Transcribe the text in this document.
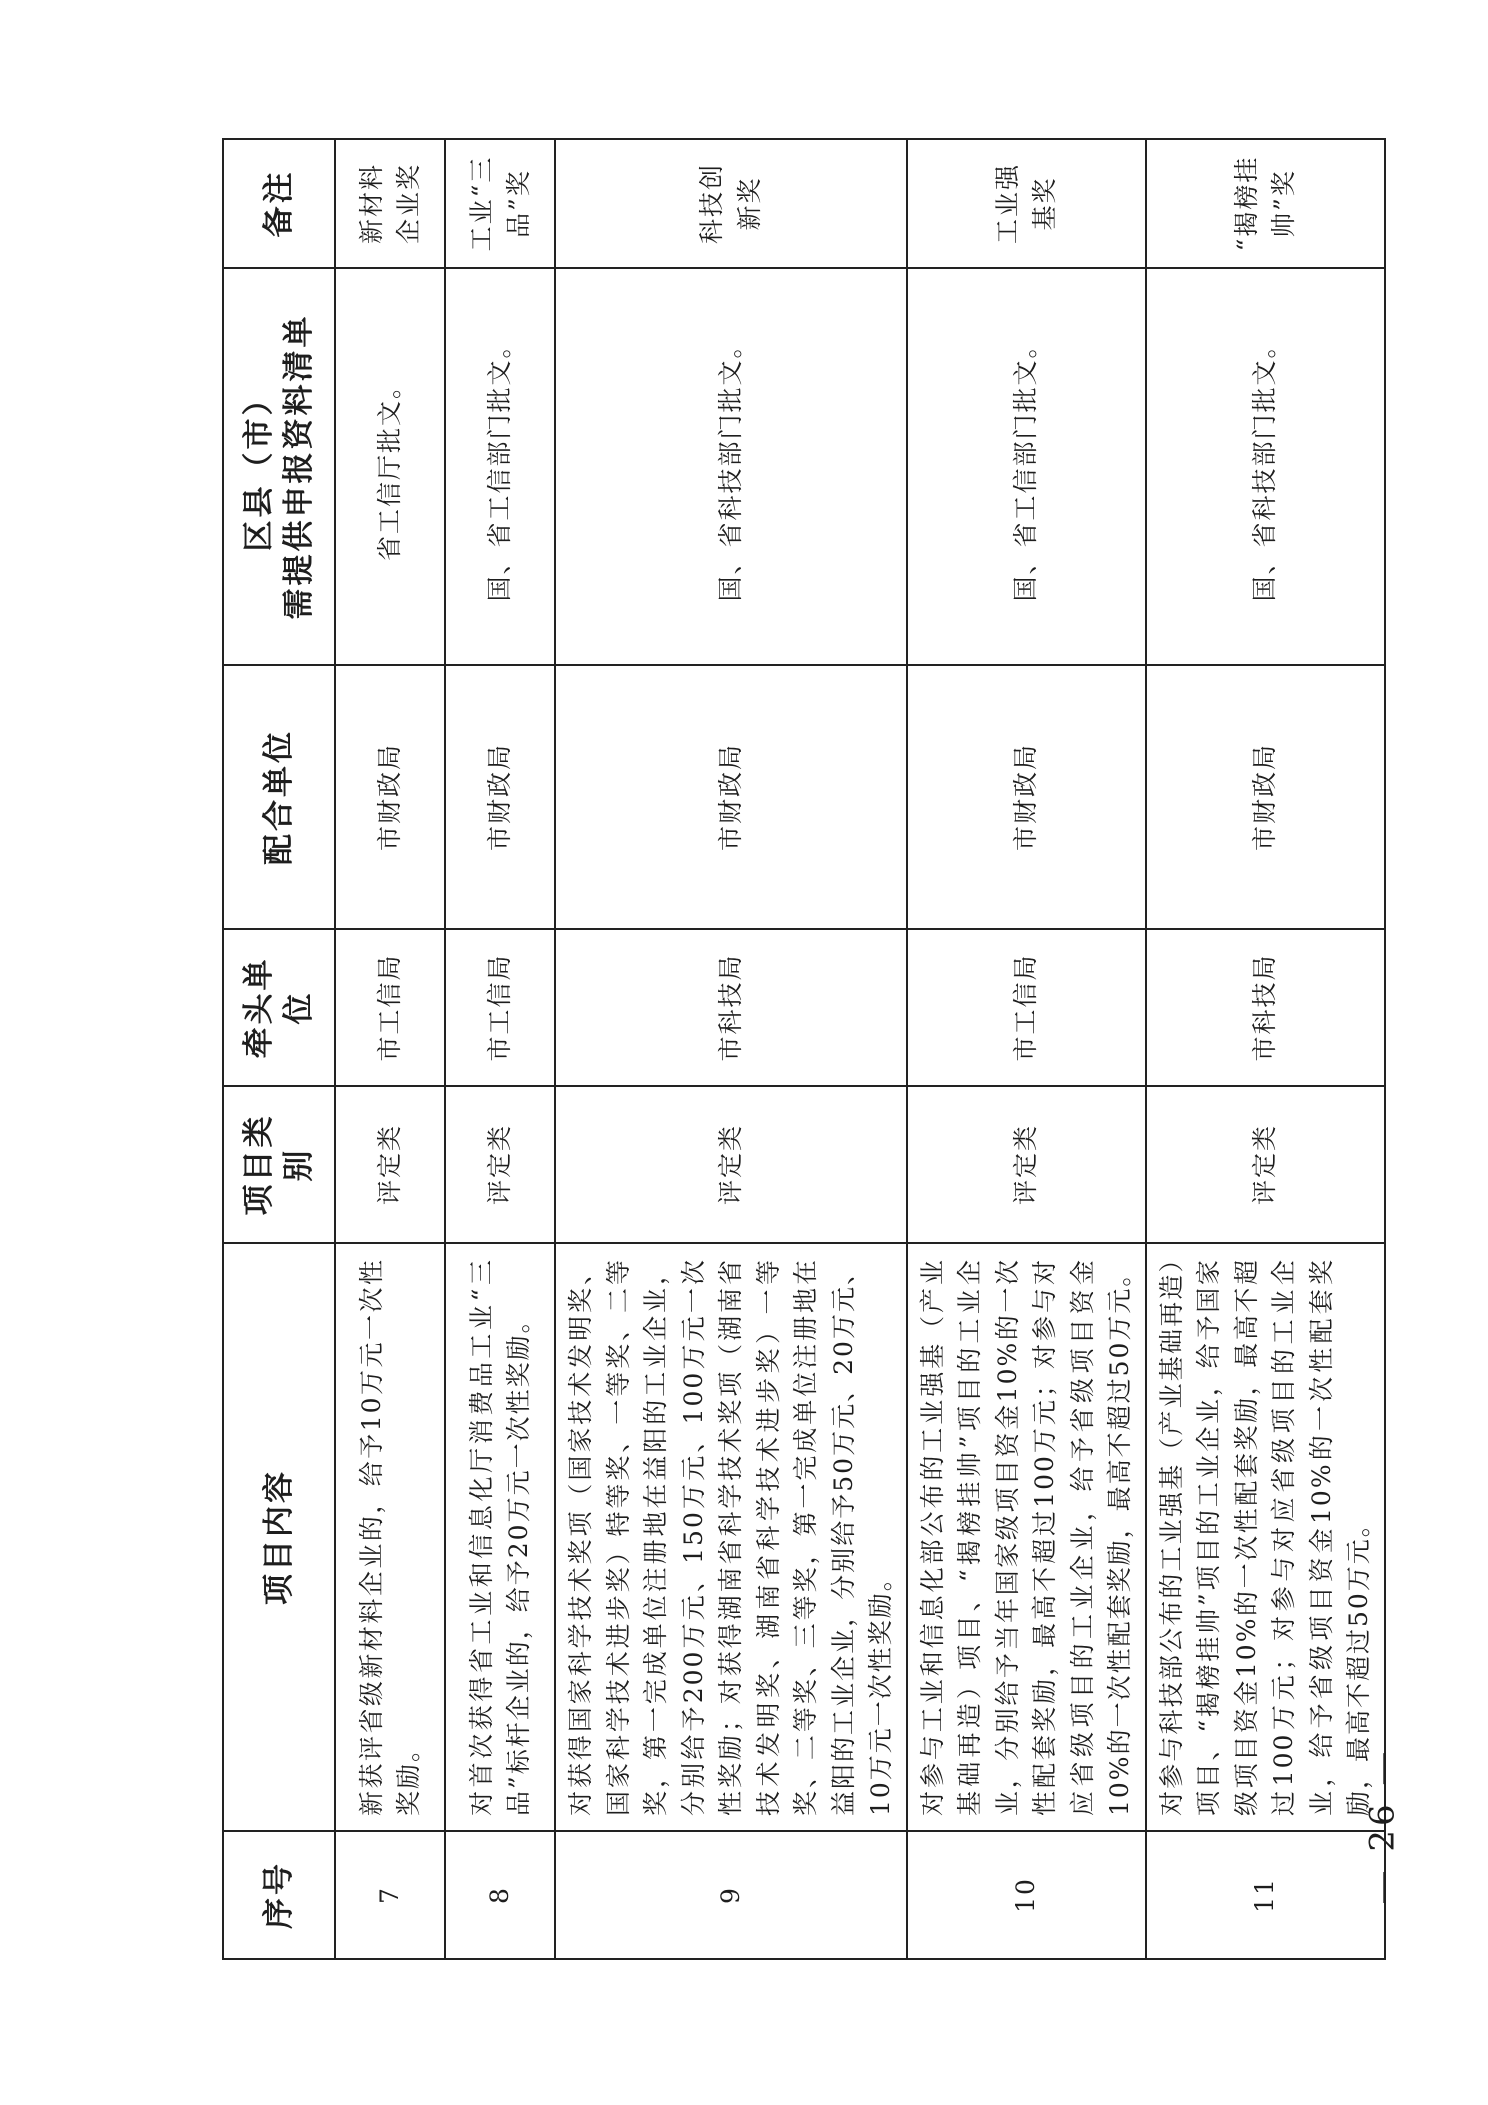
序号	项目内容	项目类别	牵头单位	配合单位	区县（市） 需提供申报资料清单	备注
7	新获评省级新材料企业的，给予10万元一次性奖励。	评定类	市工信局	市财政局	省工信厅批文。	新材料企业奖
8	对首次获得省工业和信息化厅消费品工业“三品”标杆企业的，给予20万元一次性奖励。	评定类	市工信局	市财政局	国、省工信部门批文。	工业“三品”奖
9	对获得国家科学技术奖项（国家技术发明奖、国家科学技术进步奖）特等奖、一等奖、二等奖，第一完成单位注册地在益阳的工业企业，分别给予200万元、150万元、100万元一次性奖励；对获得湖南省科学技术奖项（湖南省技术发明奖、湖南省科学技术进步奖）一等奖、二等奖、三等奖，第一完成单位注册地在益阳的工业企业，分别给予50万元、20万元、10万元一次性奖励。	评定类	市科技局	市财政局	国、省科技部门批文。	科技创新奖
10	对参与工业和信息化部公布的工业强基（产业基础再造）项目、“揭榜挂帅”项目的工业企业，分别给予当年国家级项目资金10%的一次性配套奖励，最高不超过100万元；对参与对应省级项目的工业企业，给予省级项目资金10%的一次性配套奖励，最高不超过50万元。	评定类	市工信局	市财政局	国、省工信部门批文。	工业强基奖
11	对参与科技部公布的工业强基（产业基础再造）项目、“揭榜挂帅”项目的工业企业，给予国家级项目资金10%的一次性配套奖励，最高不超过100万元；对参与对应省级项目的工业企业，给予省级项目资金10%的一次性配套奖励，最高不超过50万元。	评定类	市科技局	市财政局	国、省科技部门批文。	“揭榜挂帅”奖
— 26 —
